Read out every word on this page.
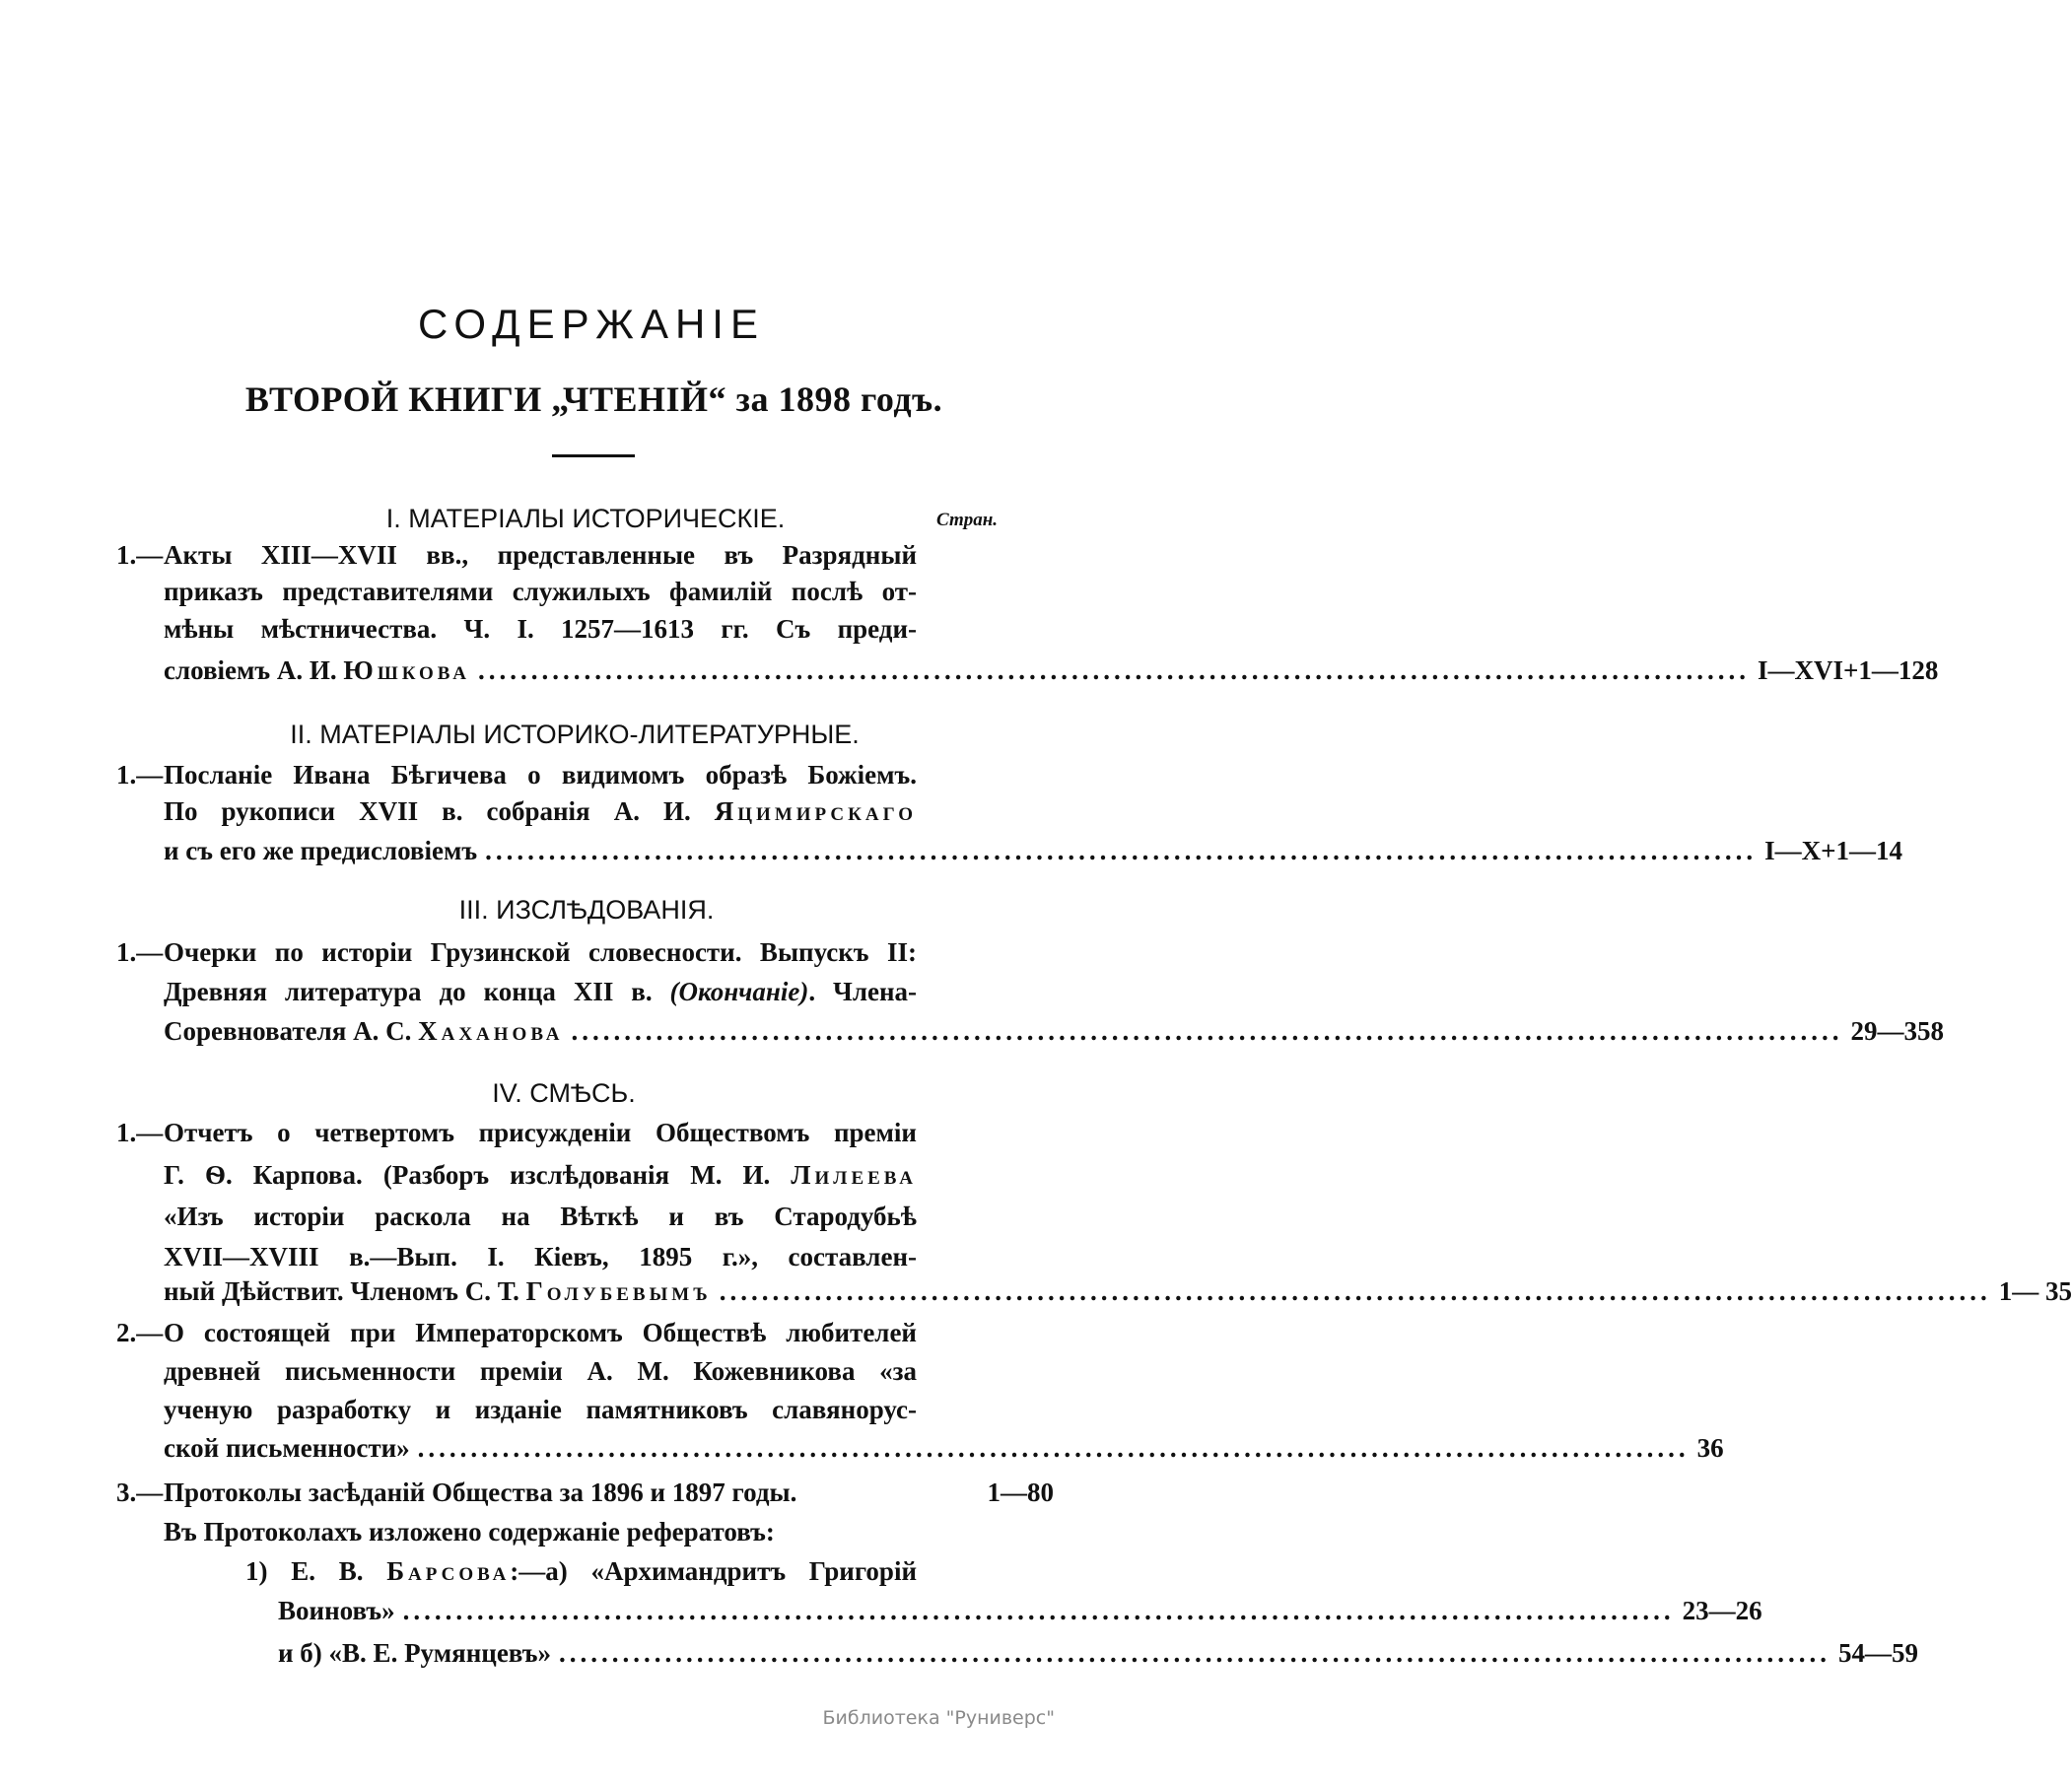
СОДЕРЖАНІЕ
ВТОРОЙ КНИГИ „ЧТЕНІЙ“ за 1898 годъ.
Стран.
I. МАТЕРІАЛЫ ИСТОРИЧЕСКІЕ.
1.— Акты XIII—XVII вв., представленные въ Разрядный
приказъ представителями служилыхъ фамилій послѣ от-
мѣны мѣстничества. Ч. I. 1257—1613 гг. Съ преди-
словіемъ А. И. Юшкова ........................................................................................................................ I—XVI+1—128
II. МАТЕРІАЛЫ ИСТОРИКО-ЛИТЕРАТУРНЫЕ.
1.— Посланіе Ивана Бѣгичева о видимомъ образѣ Божіемъ.
По рукописи XVII в. собранія А. И. Яцимирскаго
и съ его же предисловіемъ ........................................................................................................................ I—X+1—14
III. ИЗСЛѢДОВАНІЯ.
1.— Очерки по исторіи Грузинской словесности. Выпускъ II:
Древняя литература до конца XII в. (Окончаніе). Члена-
Соревнователя А. С. Хаханова ........................................................................................................................ 29—358
IV. СМѢСЬ.
1.— Отчетъ о четвертомъ присужденіи Обществомъ преміи
Г. Ѳ. Карпова. (Разборъ изслѣдованія М. И. Лилеева
«Изъ исторіи раскола на Вѣткѣ и въ Стародубьѣ
XVII—XVIII в.—Вып. I. Кіевъ, 1895 г.», составлен-
ный Дѣйствит. Членомъ С. Т. Голубевымъ ........................................................................................................................ 1— 35
2.— О состоящей при Императорскомъ Обществѣ любителей
древней письменности преміи А. М. Кожевникова «за
ученую разработку и изданіе памятниковъ славянорус-
ской письменности» ........................................................................................................................ 36
3.— Протоколы засѣданій Общества за 1896 и 1897 годы.	1—80
Въ Протоколахъ изложено содержаніе рефератовъ:
1) Е. В. Барсова:—а) «Архимандритъ Григорій
Воиновъ» ........................................................................................................................ 23—26
и б) «В. Е. Румянцевъ» ........................................................................................................................ 54—59
Библиотека "Руниверс"
